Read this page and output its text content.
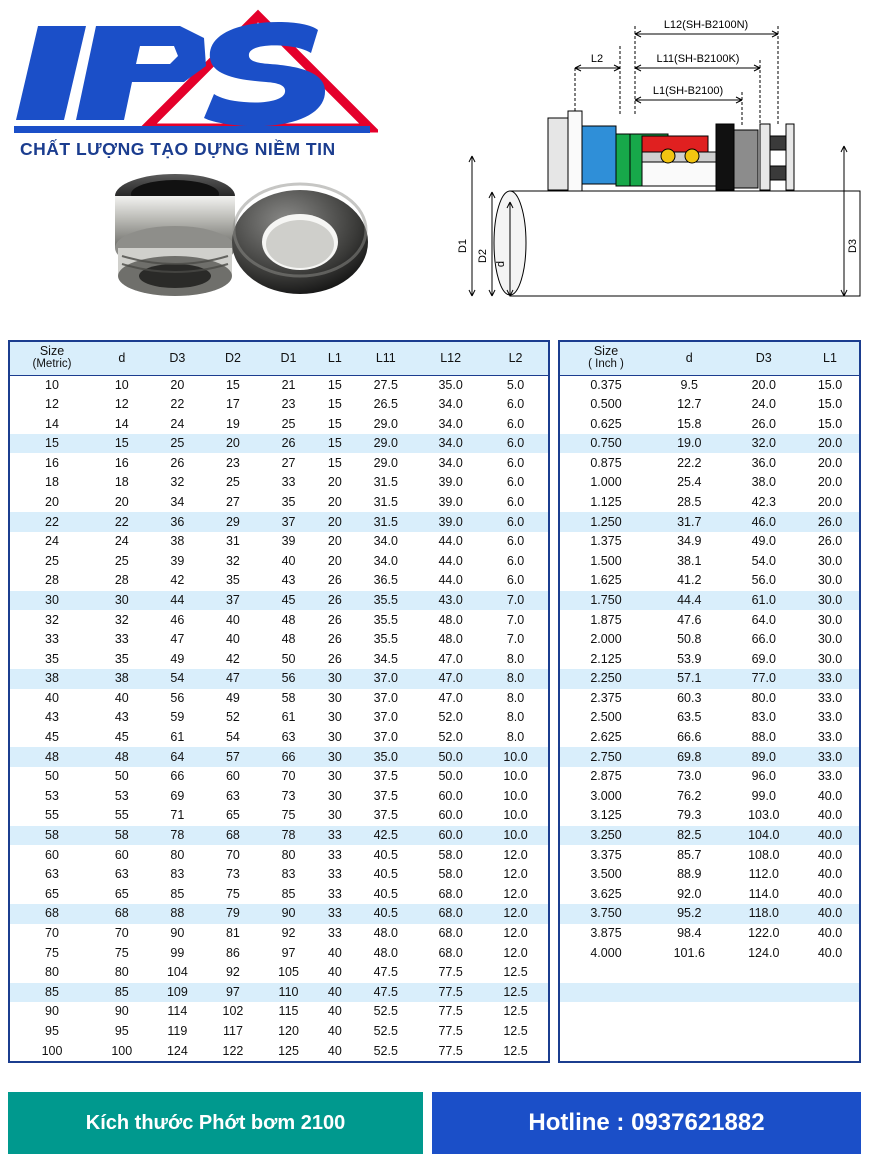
CHẤT LƯỢNG TẠO DỰNG NIỀM TIN
L12(SH-B2100N)
L11(SH-B2100K)
L1(SH-B2100)
L2
D1
D2
d
D3
Size
(Metric)	d	D3	D2	D1	L1	L11	L12	L2
10	10	20	15	21	15	27.5	35.0	5.0
12	12	22	17	23	15	26.5	34.0	6.0
14	14	24	19	25	15	29.0	34.0	6.0
15	15	25	20	26	15	29.0	34.0	6.0
16	16	26	23	27	15	29.0	34.0	6.0
18	18	32	25	33	20	31.5	39.0	6.0
20	20	34	27	35	20	31.5	39.0	6.0
22	22	36	29	37	20	31.5	39.0	6.0
24	24	38	31	39	20	34.0	44.0	6.0
25	25	39	32	40	20	34.0	44.0	6.0
28	28	42	35	43	26	36.5	44.0	6.0
30	30	44	37	45	26	35.5	43.0	7.0
32	32	46	40	48	26	35.5	48.0	7.0
33	33	47	40	48	26	35.5	48.0	7.0
35	35	49	42	50	26	34.5	47.0	8.0
38	38	54	47	56	30	37.0	47.0	8.0
40	40	56	49	58	30	37.0	47.0	8.0
43	43	59	52	61	30	37.0	52.0	8.0
45	45	61	54	63	30	37.0	52.0	8.0
48	48	64	57	66	30	35.0	50.0	10.0
50	50	66	60	70	30	37.5	50.0	10.0
53	53	69	63	73	30	37.5	60.0	10.0
55	55	71	65	75	30	37.5	60.0	10.0
58	58	78	68	78	33	42.5	60.0	10.0
60	60	80	70	80	33	40.5	58.0	12.0
63	63	83	73	83	33	40.5	58.0	12.0
65	65	85	75	85	33	40.5	68.0	12.0
68	68	88	79	90	33	40.5	68.0	12.0
70	70	90	81	92	33	48.0	68.0	12.0
75	75	99	86	97	40	48.0	68.0	12.0
80	80	104	92	105	40	47.5	77.5	12.5
85	85	109	97	110	40	47.5	77.5	12.5
90	90	114	102	115	40	52.5	77.5	12.5
95	95	119	117	120	40	52.5	77.5	12.5
100	100	124	122	125	40	52.5	77.5	12.5
Size
( Inch )	d	D3	L1
0.375	9.5	20.0	15.0
0.500	12.7	24.0	15.0
0.625	15.8	26.0	15.0
0.750	19.0	32.0	20.0
0.875	22.2	36.0	20.0
1.000	25.4	38.0	20.0
1.125	28.5	42.3	20.0
1.250	31.7	46.0	26.0
1.375	34.9	49.0	26.0
1.500	38.1	54.0	30.0
1.625	41.2	56.0	30.0
1.750	44.4	61.0	30.0
1.875	47.6	64.0	30.0
2.000	50.8	66.0	30.0
2.125	53.9	69.0	30.0
2.250	57.1	77.0	33.0
2.375	60.3	80.0	33.0
2.500	63.5	83.0	33.0
2.625	66.6	88.0	33.0
2.750	69.8	89.0	33.0
2.875	73.0	96.0	33.0
3.000	76.2	99.0	40.0
3.125	79.3	103.0	40.0
3.250	82.5	104.0	40.0
3.375	85.7	108.0	40.0
3.500	88.9	112.0	40.0
3.625	92.0	114.0	40.0
3.750	95.2	118.0	40.0
3.875	98.4	122.0	40.0
4.000	101.6	124.0	40.0

Kích thước Phớt bơm 2100	Hotline : 0937621882
